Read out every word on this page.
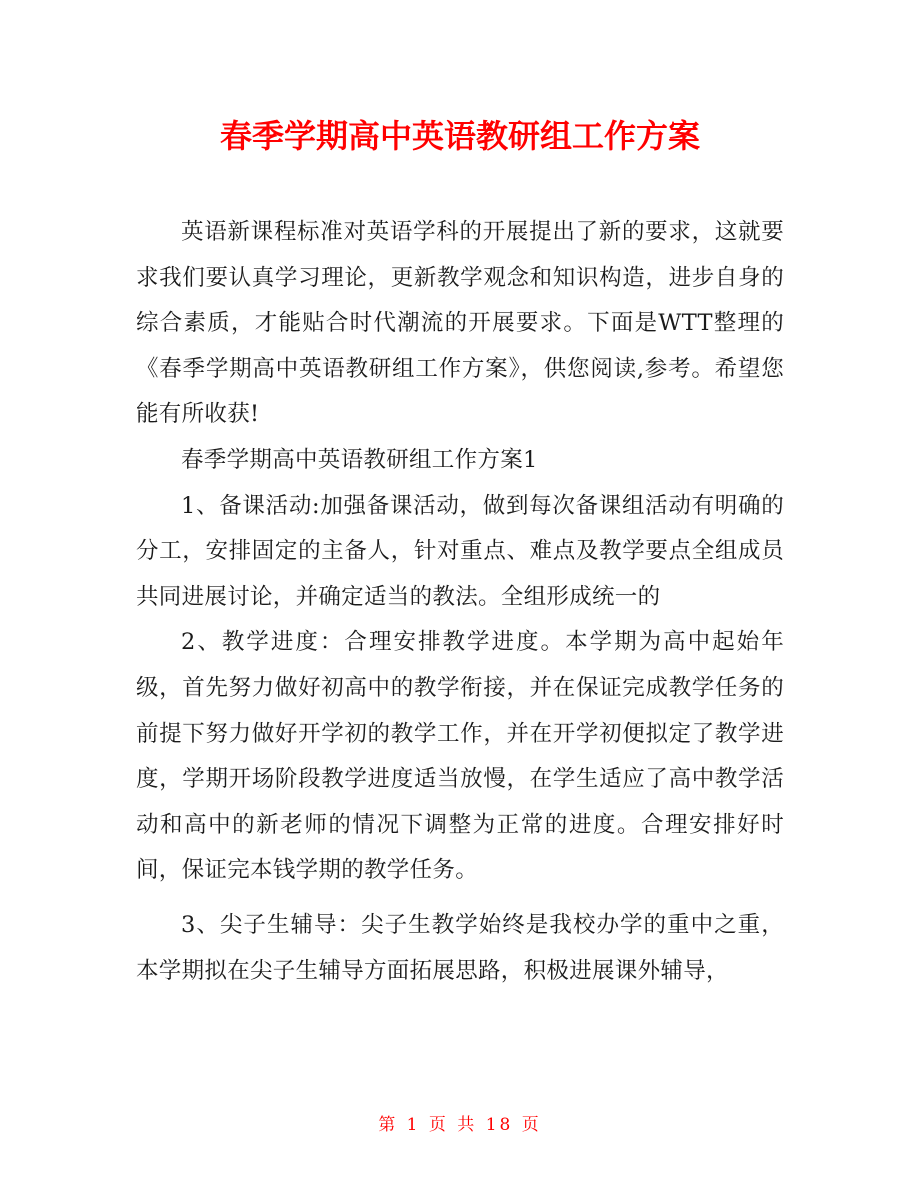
春季学期高中英语教研组工作方案

英语新课程标准对英语学科的开展提出了新的要求，这就要求我们要认真学习理论，更新教学观念和知识构造，进步自身的综合素质，才能贴合时代潮流的开展要求。下面是WTT整理的《春季学期高中英语教研组工作方案》，供您阅读,参考。希望您能有所收获!

春季学期高中英语教研组工作方案1

1、备课活动:加强备课活动，做到每次备课组活动有明确的分工，安排固定的主备人，针对重点、难点及教学要点全组成员共同进展讨论，并确定适当的教法。全组形成统一的

2、教学进度：合理安排教学进度。本学期为高中起始年级，首先努力做好初高中的教学衔接，并在保证完成教学任务的前提下努力做好开学初的教学工作，并在开学初便拟定了教学进度，学期开场阶段教学进度适当放慢，在学生适应了高中教学活动和高中的新老师的情况下调整为正常的进度。合理安排好时间，保证完本钱学期的教学任务。

3、尖子生辅导：尖子生教学始终是我校办学的重中之重，本学期拟在尖子生辅导方面拓展思路，积极进展课外辅导，

第 1 页 共 18 页
